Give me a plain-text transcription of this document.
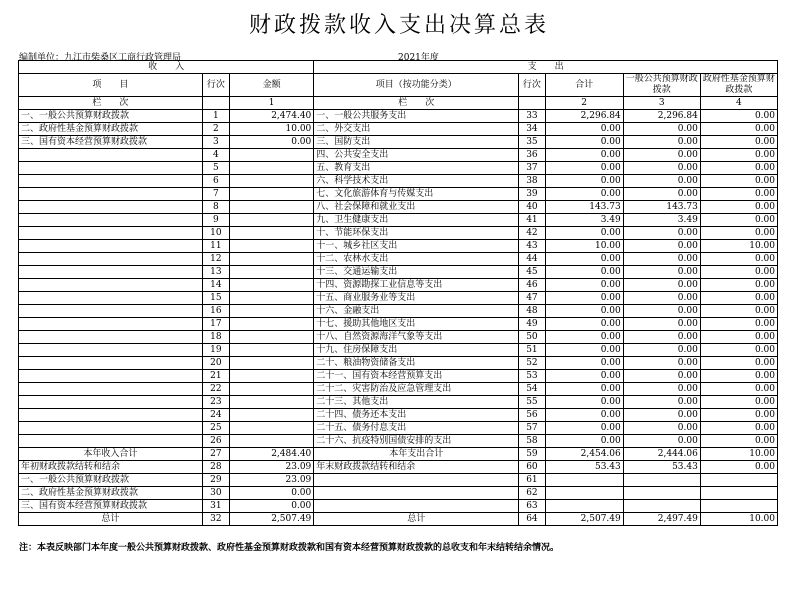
财政拨款收入支出决算总表
编制单位：九江市柴桑区工商行政管理局	2021年度
收　　入			支　　出				
项　　目	行次	金额	项目（按功能分类）	行次	合计	一般公共预算财政拨款	政府性基金预算财政拨款
栏　　次		1	栏　　次		2	3	4
一、一般公共预算财政拨款	1	2,474.40	一、一般公共服务支出	33	2,296.84	2,296.84	0.00
二、政府性基金预算财政拨款	2	10.00	二、外交支出	34	0.00	0.00	0.00
三、国有资本经营预算财政拨款	3	0.00	三、国防支出	35	0.00	0.00	0.00
	4		四、公共安全支出	36	0.00	0.00	0.00
	5		五、教育支出	37	0.00	0.00	0.00
	6		六、科学技术支出	38	0.00	0.00	0.00
	7		七、文化旅游体育与传媒支出	39	0.00	0.00	0.00
	8		八、社会保障和就业支出	40	143.73	143.73	0.00
	9		九、卫生健康支出	41	3.49	3.49	0.00
	10		十、节能环保支出	42	0.00	0.00	0.00
	11		十一、城乡社区支出	43	10.00	0.00	10.00
	12		十二、农林水支出	44	0.00	0.00	0.00
	13		十三、交通运输支出	45	0.00	0.00	0.00
	14		十四、资源勘探工业信息等支出	46	0.00	0.00	0.00
	15		十五、商业服务业等支出	47	0.00	0.00	0.00
	16		十六、金融支出	48	0.00	0.00	0.00
	17		十七、援助其他地区支出	49	0.00	0.00	0.00
	18		十八、自然资源海洋气象等支出	50	0.00	0.00	0.00
	19		十九、住房保障支出	51	0.00	0.00	0.00
	20		二十、粮油物资储备支出	52	0.00	0.00	0.00
	21		二十一、国有资本经营预算支出	53	0.00	0.00	0.00
	22		二十二、灾害防治及应急管理支出	54	0.00	0.00	0.00
	23		二十三、其他支出	55	0.00	0.00	0.00
	24		二十四、债务还本支出	56	0.00	0.00	0.00
	25		二十五、债务付息支出	57	0.00	0.00	0.00
	26		二十六、抗疫特别国债安排的支出	58	0.00	0.00	0.00
本年收入合计	27	2,484.40	本年支出合计	59	2,454.06	2,444.06	10.00
年初财政拨款结转和结余	28	23.09	年末财政拨款结转和结余	60	53.43	53.43	0.00
一、一般公共预算财政拨款	29	23.09		61			
二、政府性基金预算财政拨款	30	0.00		62			
三、国有资本经营预算财政拨款	31	0.00		63			
总计	32	2,507.49	总计	64	2,507.49	2,497.49	10.00
注：本表反映部门本年度一般公共预算财政拨款、政府性基金预算财政拨款和国有资本经营预算财政拨款的总收支和年末结转结余情况。
